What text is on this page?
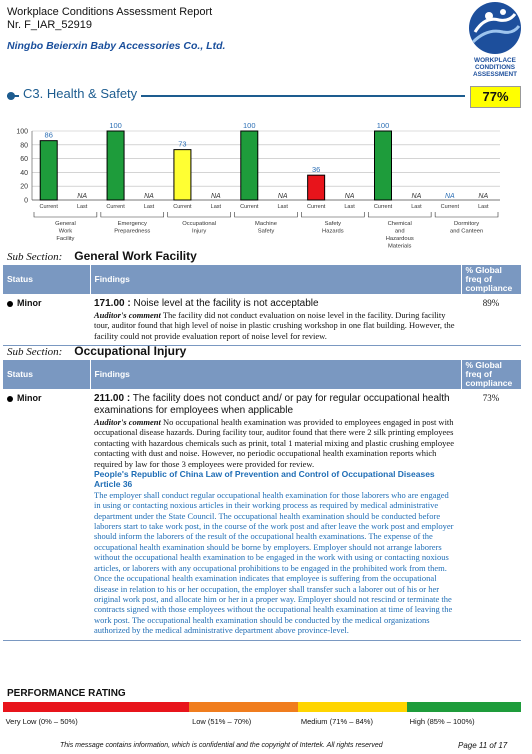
Workplace Conditions Assessment Report
Nr. F_IAR_52919
Ningbo Beierxin Baby Accessories Co., Ltd.
WORKPLACE
CONDITIONS
ASSESSMENT
C3. Health & Safety	77%
0
20
40
60
80
100 86
NA
Current	Last
General
Work
Facility
100
NA
Current	Last
Emergency
Preparedness
73
NA
Current	Last
Occupational
Injury
100
NA
Current	Last
Machine
Safety
36
NA
Current	Last
Safety
Hazards
100
NA
Current	Last
Chemical
and
Hazardous
Materials
NA	NA
Current	Last
Dormitory
and Canteen
Sub Section: General Work Facility
Status	Findings	% Global freq of compliance
Minor	171.00 : Noise level at the facility is not acceptable
Auditor's comment The facility did not conduct evaluation on noise level in the facility. During facility tour, auditor found that high level of noise in plastic crushing workshop in one flat building. However, the facility could not provide evaluation report of noise level for review.	89%
Sub Section: Occupational Injury
Status	Findings	% Global freq of compliance
Minor	211.00 : The facility does not conduct and/ or pay for regular occupational health examinations for employees when applicable
Auditor's comment No occupational health examination was provided to employees engaged in post with occupational disease hazards. During facility tour, auditor found that there were 2 silk printing employees contacting with hazardous chemicals such as prinit, total 1 material mixing and plastic crushing employee contacting with dust and noise. However, no periodic occupational health examination reports which required by law for those 3 employees were provided for review.
People's Republic of China Law of Prevention and Control of Occupational Diseases Article 36
The employer shall conduct regular occupational health examination for those laborers who are engaged in using or contacting noxious articles in their working process as required by medical administrative department under the State Council. The occupational health examination should be conducted before laborers start to take work post, in the course of the work post and after leave the work post and employer should inform the laborers of the result of the occupational health examinations. The expense of the occupational health examination should be borne by employers. Employer should not arrange laborers without the occupational health examination to be engaged in the work with using or contacting noxious articles, or laborers with any occupational prohibitions to be engaged in the prohibited work from them. Once the occupational health examination indicates that employee is suffering from the occupational disease in relation to his or her occupation, the employer shall transfer such a laborer out of his or her original work post, and allocate him or her in a proper way. Employer should not rescind or terminate the contracts signed with those employees without the occupational health examination at time of leaving the work post. The occupational health examination should be conducted by the medical organizations authorized by the medical administrative department above province-level.	73%
PERFORMANCE RATING
Very Low (0% – 50%)	Low (51% – 70%)	Medium (71% – 84%)	High (85% – 100%)
This message contains information, which is confidential and the copyright of Intertek. All rights reserved	Page 11 of 17
